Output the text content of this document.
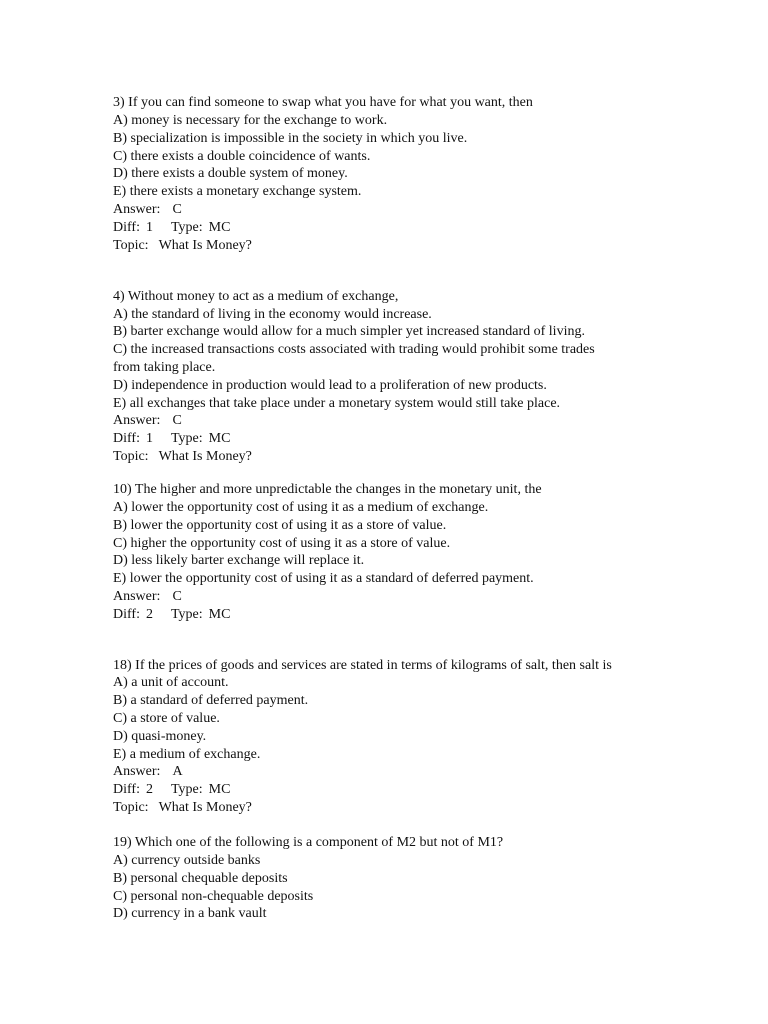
3) If you can find someone to swap what you have for what you want, then
A) money is necessary for the exchange to work.
B) specialization is impossible in the society in which you live.
C) there exists a double coincidence of wants.
D) there exists a double system of money.
E) there exists a monetary exchange system.
Answer: C
Diff: 1 Type: MC
Topic: What Is Money?
4) Without money to act as a medium of exchange,
A) the standard of living in the economy would increase.
B) barter exchange would allow for a much simpler yet increased standard of living.
C) the increased transactions costs associated with trading would prohibit some trades
from taking place.
D) independence in production would lead to a proliferation of new products.
E) all exchanges that take place under a monetary system would still take place.
Answer: C
Diff: 1 Type: MC
Topic: What Is Money?
10) The higher and more unpredictable the changes in the monetary unit, the
A) lower the opportunity cost of using it as a medium of exchange.
B) lower the opportunity cost of using it as a store of value.
C) higher the opportunity cost of using it as a store of value.
D) less likely barter exchange will replace it.
E) lower the opportunity cost of using it as a standard of deferred payment.
Answer: C
Diff: 2 Type: MC
18) If the prices of goods and services are stated in terms of kilograms of salt, then salt is
A) a unit of account.
B) a standard of deferred payment.
C) a store of value.
D) quasi-money.
E) a medium of exchange.
Answer: A
Diff: 2 Type: MC
Topic: What Is Money?
19) Which one of the following is a component of M2 but not of M1?
A) currency outside banks
B) personal chequable deposits
C) personal non-chequable deposits
D) currency in a bank vault
